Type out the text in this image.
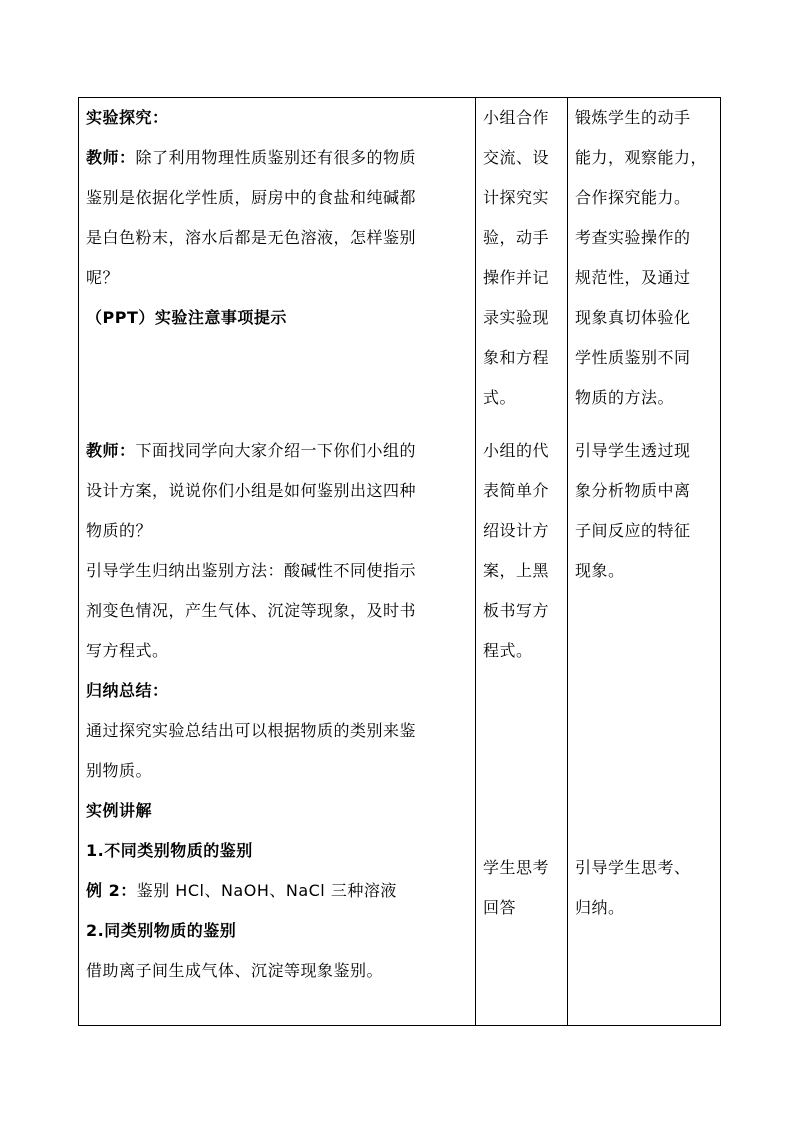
实验探究：

教师：除了利用物理性质鉴别还有很多的物质

鉴别是依据化学性质，厨房中的食盐和纯碱都

是白色粉末，溶水后都是无色溶液，怎样鉴别

呢？

（PPT）实验注意事项提示

教师：下面找同学向大家介绍一下你们小组的

设计方案，说说你们小组是如何鉴别出这四种

物质的？

引导学生归纳出鉴别方法：酸碱性不同使指示

剂变色情况，产生气体、沉淀等现象，及时书

写方程式。

归纳总结：

通过探究实验总结出可以根据物质的类别来鉴

别物质。

实例讲解

1.不同类别物质的鉴别

例 2：鉴别 HCl、NaOH、NaCl 三种溶液

2.同类别物质的鉴别

借助离子间生成气体、沉淀等现象鉴别。

小组合作

交流、设

计探究实

验，动手

操作并记

录实验现

象和方程

式。

小组的代

表简单介

绍设计方

案，上黑

板书写方

程式。

学生思考

回答

锻炼学生的动手

能力，观察能力，

合作探究能力。

考查实验操作的

规范性，及通过

现象真切体验化

学性质鉴别不同

物质的方法。

引导学生透过现

象分析物质中离

子间反应的特征

现象。

引导学生思考、

归纳。
